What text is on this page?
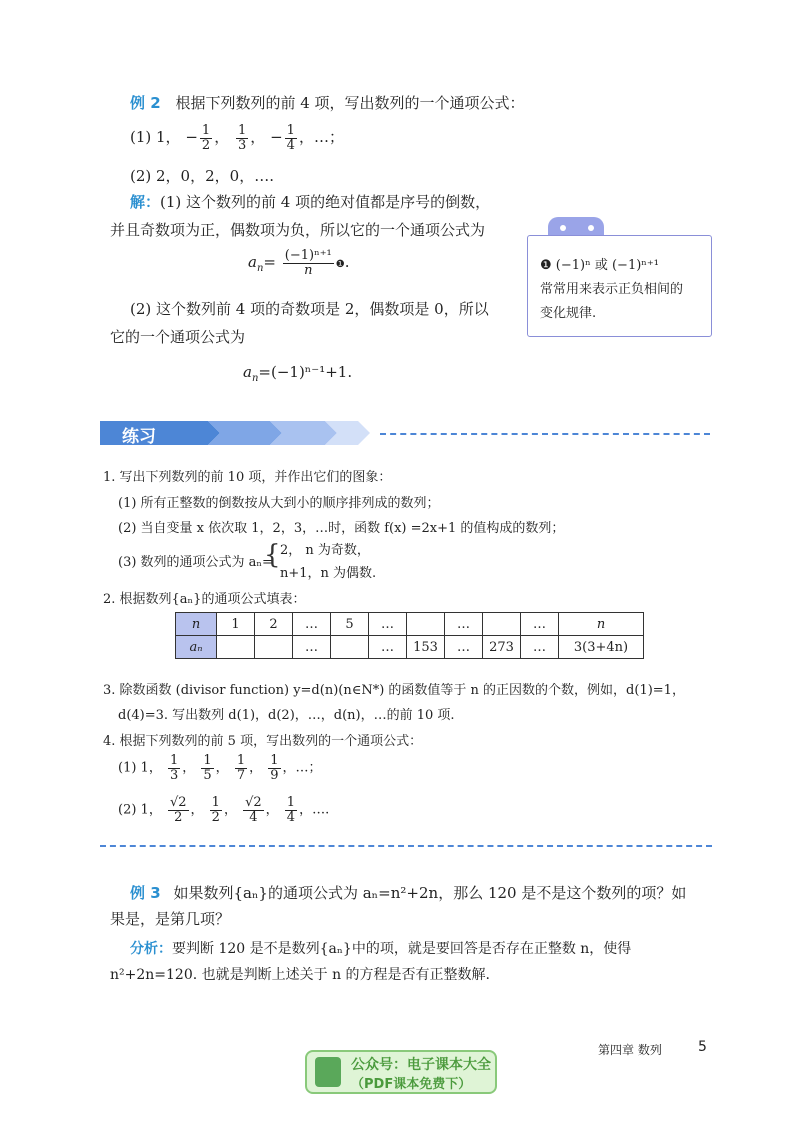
例 2 根据下列数列的前 4 项，写出数列的一个通项公式：
(1) 1， − $\frac{1}{2}$ ， $\frac{1}{3}$ ， − $\frac{1}{4}$ ，…；
(2) 2，0，2，0，….
解：(1) 这个数列的前 4 项的绝对值都是序号的倒数，
并且奇数项为正，偶数项为负，所以它的一个通项公式为
$a_n= \frac{\text{(−1)ⁿ⁺¹}}{n}$ ❶.
(2) 这个数列前 4 项的奇数项是 2，偶数项是 0，所以
它的一个通项公式为
$a_n=(-1)^{n-1}+1$.
❶ (−1)ⁿ 或 (−1)ⁿ⁺¹
常常用来表示正负相间的
变化规律.
练习
1. 写出下列数列的前 10 项，并作出它们的图象：
(1) 所有正整数的倒数按从大到小的顺序排列成的数列；
(2) 当自变量 x 依次取 1，2，3，…时，函数 f(x) =2x+1 的值构成的数列；
(3) 数列的通项公式为 aₙ=
{ 2， n 为奇数，
n+1，n 为偶数.
2. 根据数列{aₙ}的通项公式填表：
n	1	2	…	5	…		…		…	n
aₙ			…		…	153	…	273	…	3(3+4n)
3. 除数函数 (divisor function) y=d(n)(n∈N*) 的函数值等于 n 的正因数的个数，例如，d(1)=1，
d(4)=3. 写出数列 d(1)，d(2)，…，d(n)，…的前 10 项.
4. 根据下列数列的前 5 项，写出数列的一个通项公式：
(1) 1， $\frac{1}{3}$ ， $\frac{1}{5}$ ， $\frac{1}{7}$ ， $\frac{1}{9}$ ，…；
(2) 1， $\frac{√2}{2}$ ， $\frac{1}{2}$ ， $\frac{√2}{4}$ ， $\frac{1}{4}$ ，….
例 3 如果数列{aₙ}的通项公式为 aₙ=n²+2n，那么 120 是不是这个数列的项？如
果是，是第几项？
分析：要判断 120 是不是数列{aₙ}中的项，就是要回答是否存在正整数 n，使得
n²+2n=120. 也就是判断上述关于 n 的方程是否有正整数解.
第四章 数列	5
公众号：电子课本大全
（PDF课本免费下）
